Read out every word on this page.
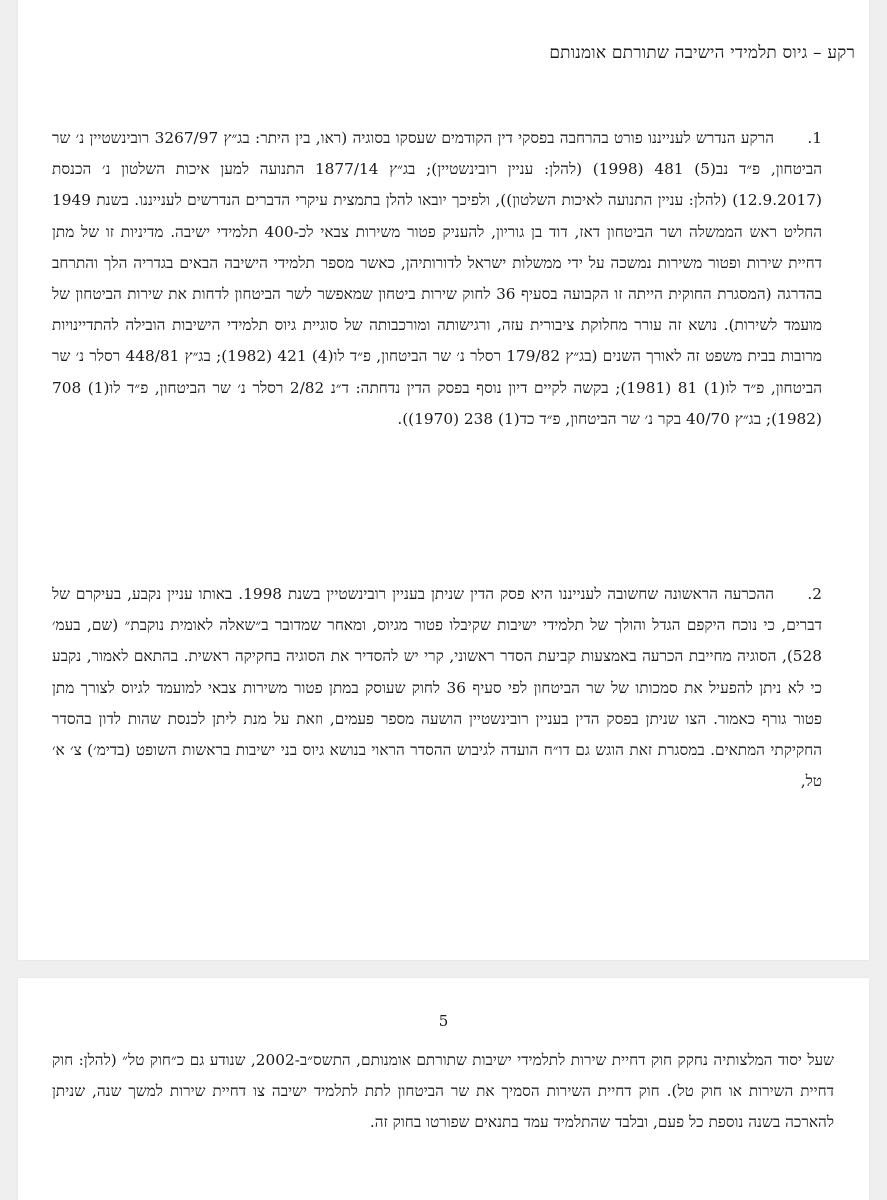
רקע – גיוס תלמידי הישיבה שתורתם אומנותם

1.הרקע הנדרש לענייננו פורט בהרחבה בפסקי דין הקודמים שעסקו בסוגיה (ראו, בין היתר: בג״ץ 3267/97 רובינשטיין נ׳ שר הביטחון, פ״ד נב(5) 481 (1998) (להלן: עניין רובינשטיין); בג״ץ 1877/14 התנועה למען איכות השלטון נ׳ הכנסת (12.9.2017) (להלן: עניין התנועה לאיכות השלטון)), ולפיכך יובאו להלן בתמצית עיקרי הדברים הנדרשים לענייננו. בשנת 1949 החליט ראש הממשלה ושר הביטחון דאז, דוד בן גוריון, להעניק פטור משירות צבאי לכ-400 תלמידי ישיבה. מדיניות זו של מתן דחיית שירות ופטור משירות נמשכה על ידי ממשלות ישראל לדורותיהן, כאשר מספר תלמידי הישיבה הבאים בגדריה הלך והתרחב בהדרגה (המסגרת החוקית הייתה זו הקבועה בסעיף 36 לחוק שירות ביטחון שמאפשר לשר הביטחון לדחות את שירות הביטחון של מועמד לשירות). נושא זה עורר מחלוקת ציבורית עזה, ורגישותה ומורכבותה של סוגיית גיוס תלמידי הישיבות הובילה להתדיינויות מרובות בבית משפט זה לאורך השנים (בג״ץ 179/82 רסלר נ׳ שר הביטחון, פ״ד לו(4) 421 (1982); בג״ץ 448/81 רסלר נ׳ שר הביטחון, פ״ד לו(1) 81 (1981); בקשה לקיים דיון נוסף בפסק הדין נדחתה: ד״נ 2/82 רסלר נ׳ שר הביטחון, פ״ד לו(1) 708 (1982); בג״ץ 40/70 בקר נ׳ שר הביטחון, פ״ד כד(1) 238 (1970)).

2.ההכרעה הראשונה שחשובה לענייננו היא פסק הדין שניתן בעניין רובינשטיין בשנת 1998. באותו עניין נקבע, בעיקרם של דברים, כי נוכח היקפם הגדל והולך של תלמידי ישיבות שקיבלו פטור מגיוס, ומאחר שמדובר ב״שאלה לאומית נוקבת״ (שם, בעמ׳ 528), הסוגיה מחייבת הכרעה באמצעות קביעת הסדר ראשוני, קרי יש להסדיר את הסוגיה בחקיקה ראשית. בהתאם לאמור, נקבע כי לא ניתן להפעיל את סמכותו של שר הביטחון לפי סעיף 36 לחוק שעוסק במתן פטור משירות צבאי למועמד לגיוס לצורך מתן פטור גורף כאמור. הצו שניתן בפסק הדין בעניין רובינשטיין הושעה מספר פעמים, וזאת על מנת ליתן לכנסת שהות לדון בהסדר החקיקתי המתאים. במסגרת זאת הוגש גם דו״ח הועדה לגיבוש ההסדר הראוי בנושא גיוס בני ישיבות בראשות השופט (בדימ׳) צ׳ א׳ טל,

5

שעל יסוד המלצותיה נחקק חוק דחיית שירות לתלמידי ישיבות שתורתם אומנותם, התשס״ב-2002, שנודע גם כ״חוק טל״ (להלן: חוק דחיית השירות או חוק טל). חוק דחיית השירות הסמיך את שר הביטחון לתת לתלמיד ישיבה צו דחיית שירות למשך שנה, שניתן להארכה בשנה נוספת כל פעם, ובלבד שהתלמיד עמד בתנאים שפורטו בחוק זה.
